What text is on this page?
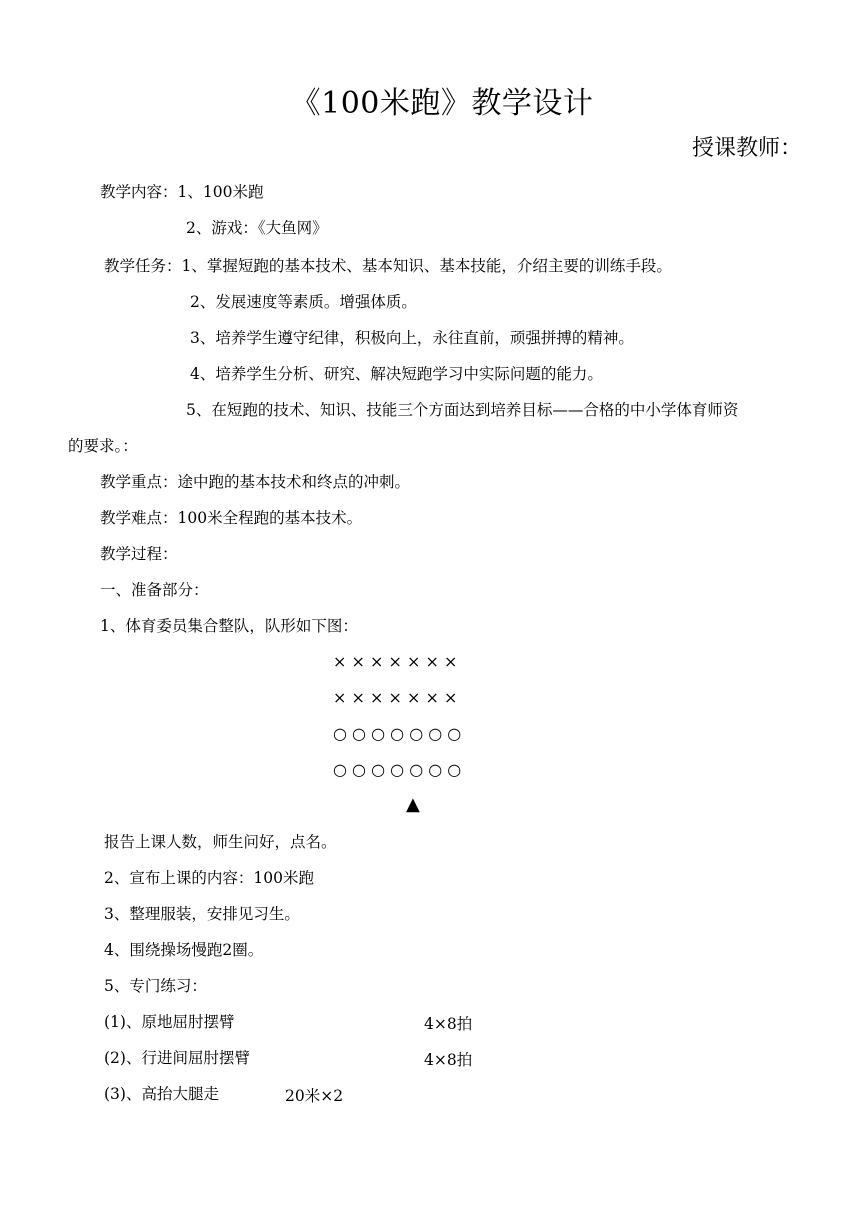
《100米跑》教学设计
授课教师：
教学内容：1、100米跑
2、游戏：《大鱼网》
教学任务：1、掌握短跑的基本技术、基本知识、基本技能，介绍主要的训练手段。
2、发展速度等素质。增强体质。
3、培养学生遵守纪律，积极向上，永往直前，顽强拼搏的精神。
4、培养学生分析、研究、解决短跑学习中实际问题的能力。
5、在短跑的技术、知识、技能三个方面达到培养目标——合格的中小学体育师资
的要求。：
教学重点：途中跑的基本技术和终点的冲刺。
教学难点：100米全程跑的基本技术。
教学过程：
一、准备部分：
1、体育委员集合整队，队形如下图：
× × × × × × ×
× × × × × × ×
○ ○ ○ ○ ○ ○ ○
○ ○ ○ ○ ○ ○ ○
▲
报告上课人数，师生问好，点名。
2、宣布上课的内容：100米跑
3、整理服装，安排见习生。
4、围绕操场慢跑2圈。
5、专门练习：
(1)、原地屈肘摆臂	4×8拍
(2)、行进间屈肘摆臂	4×8拍
(3)、高抬大腿走	20米×2
